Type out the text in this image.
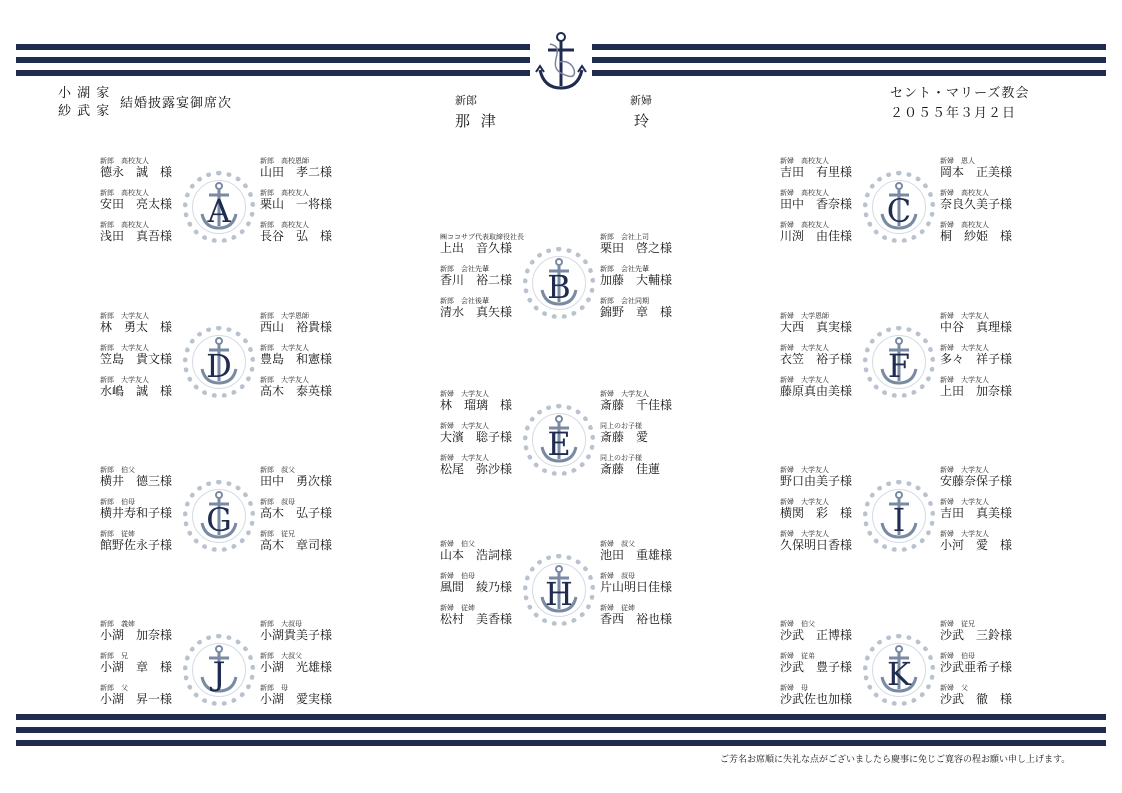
小 湖 家
紗 武 家
結婚披露宴御席次	新郎
那 津
新婦
玲
セント・マリーズ教会
２０５５年３月２日
A
新郎　高校友人
德永　誠　様
新郎　高校友人
安田　亮太様
新郎　高校友人
浅田　真吾様
新郎　高校恩師
山田　孝二様
新郎　高校友人
栗山　一将様
新郎　高校友人
長谷　弘　様
B
㈱ココサブ代表取締役社長
上出　音久様
新郎　会社先輩
香川　裕二様
新郎　会社後輩
清水　真矢様
新郎　会社上司
栗田　啓之様
新郎　会社先輩
加藤　大輔様
新郎　会社同期
錦野　章　様
C
新婦　高校友人
吉田　有里様
新婦　高校友人
田中　香奈様
新婦　高校友人
川渕　由佳様
新婦　恩人
岡本　正美様
新婦　高校友人
奈良久美子様
新婦　高校友人
桐　紗姫　様
D
新郎　大学友人
林　勇太　様
新郎　大学友人
笠島　貴文様
新郎　大学友人
水嶋　誠　様
新郎　大学恩師
西山　裕貴様
新郎　大学友人
豊島　和憲様
新郎　大学友人
高木　泰英様
E
新婦　大学友人
林　瑠璃　様
新婦　大学友人
大濱　聡子様
新婦　大学友人
松尾　弥沙様
新婦　大学友人
斎藤　千佳様
同上のお子様
斎藤　愛
同上のお子様
斎藤　佳蓮
F
新婦　大学恩師
大西　真実様
新婦　大学友人
衣笠　裕子様
新婦　大学友人
藤原真由美様
新婦　大学友人
中谷　真理様
新婦　大学友人
多々　祥子様
新婦　大学友人
上田　加奈様
G
新郎　伯父
横井　德三様
新郎　伯母
横井寿和子様
新郎　従姉
館野佐永子様
新郎　叔父
田中　勇次様
新郎　叔母
高木　弘子様
新郎　従兄
高木　章司様
H
新婦　伯父
山本　浩詞様
新婦　伯母
風間　綾乃様
新婦　従姉
松村　美香様
新婦　叔父
池田　重雄様
新婦　叔母
片山明日佳様
新婦　従姉
香西　裕也様
I
新婦　大学友人
野口由美子様
新婦　大学友人
横関　彩　様
新婦　大学友人
久保明日香様
新婦　大学友人
安藤奈保子様
新婦　大学友人
吉田　真美様
新婦　大学友人
小河　愛　様
J
新郎　義姉
小湖　加奈様
新郎　兄
小湖　章　様
新郎　父
小湖　昇一様
新郎　大叔母
小湖貴美子様
新郎　大叔父
小湖　光雄様
新郎　母
小湖　愛実様
K
新婦　伯父
沙武　正博様
新婦　従弟
沙武　豊子様
新婦　母
沙武佐也加様
新婦　従兄
沙武　三鈴様
新婦　伯母
沙武亜希子様
新婦　父
沙武　徹　様
ご芳名お席順に失礼な点がございましたら慶事に免じご寛容の程お願い申し上げます。
